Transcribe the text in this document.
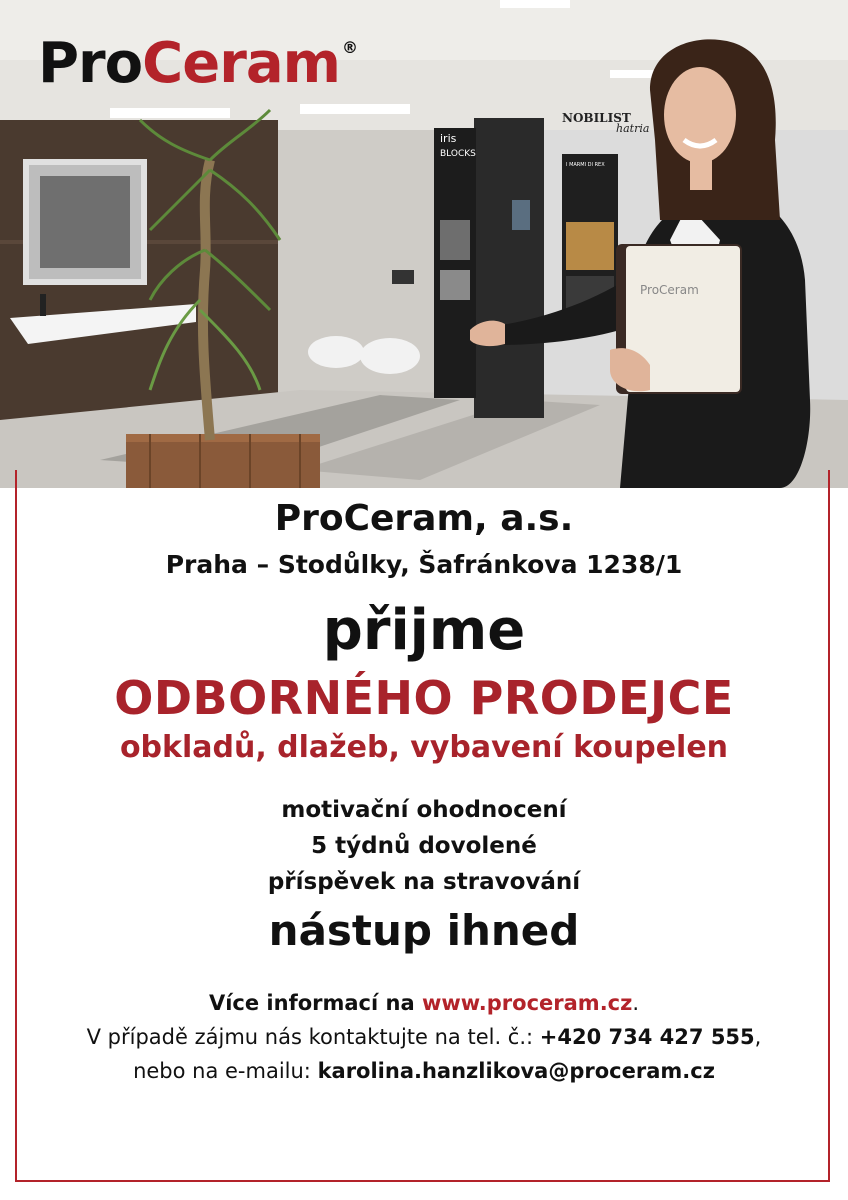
iris
BLOCKS
I MARMI DI REX
NOBILIST
hatria
ProCeram
ProCeram ®

ProCeram, a.s.

Praha – Stodůlky, Šafránkova 1238/1

přijme

ODBORNÉHO PRODEJCE

obkladů, dlažeb, vybavení koupelen

motivační ohodnocení
5 týdnů dovolené
příspěvek na stravování

nástup ihned

Více informací na www.proceram.cz.
V případě zájmu nás kontaktujte na tel. č.: +420 734 427 555,
nebo na e-mailu: karolina.hanzlikova@proceram.cz
